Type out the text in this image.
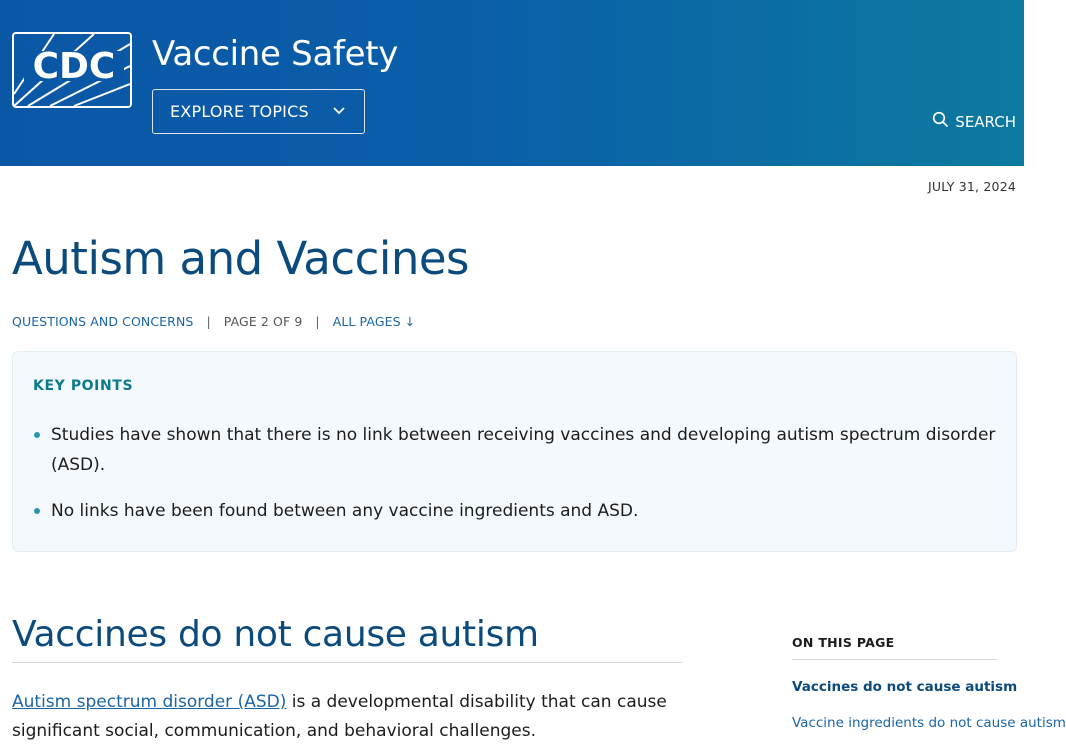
CDC Vaccine Safety
EXPLORE TOPICS
SEARCH
JULY 31, 2024
Autism and Vaccines
QUESTIONS AND CONCERNS | PAGE 2 OF 9 | ALL PAGES ↓
KEY POINTS
Studies have shown that there is no link between receiving vaccines and developing autism spectrum disorder (ASD).
No links have been found between any vaccine ingredients and ASD.
Vaccines do not cause autism

Autism spectrum disorder (ASD) is a developmental disability that can cause significant social, communication, and behavioral challenges.

ON THIS PAGE
Vaccines do not cause autism
Vaccine ingredients do not cause autism
